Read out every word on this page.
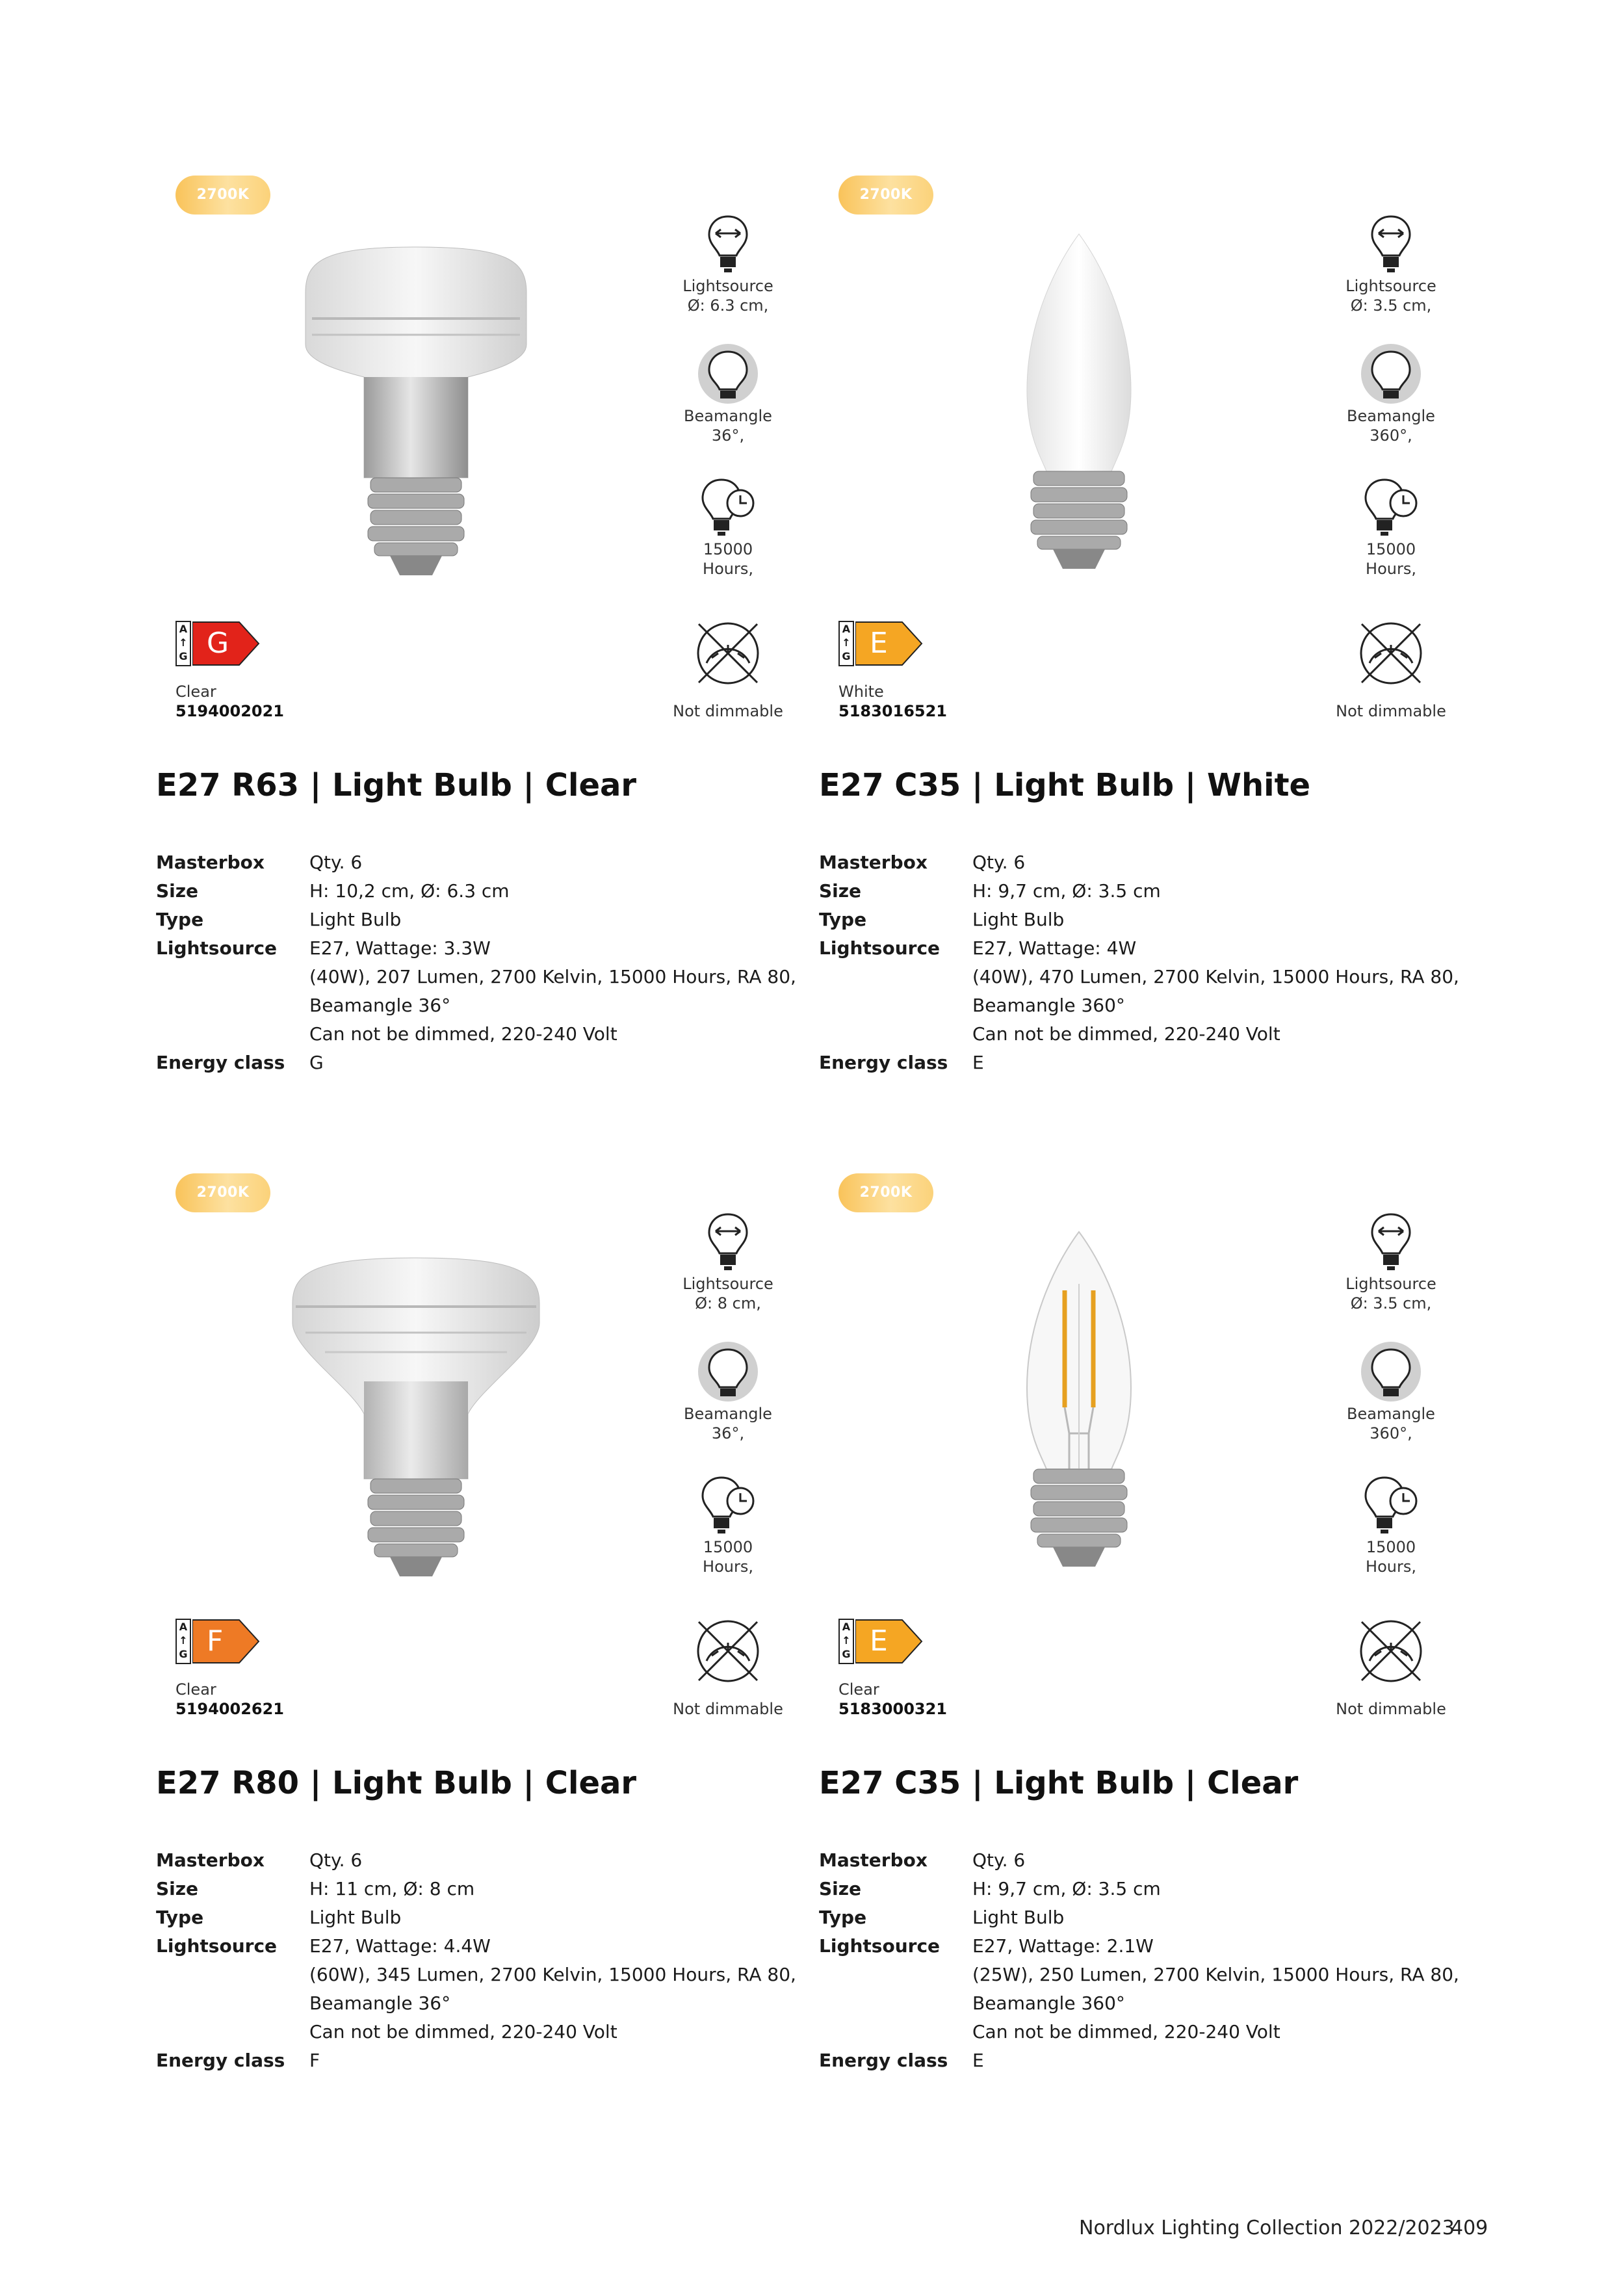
2700K
Lightsource
Ø: 6.3 cm,
Beamangle
36°,
15000
Hours,
A
↑
G G
Clear
5194002021	Not dimmable
E27 R63 | Light Bulb | Clear
Masterbox	Qty. 6
Size	H: 10,2 cm, Ø: 6.3 cm
Type	Light Bulb
Lightsource	E27, Wattage: 3.3W
(40W), 207 Lumen, 2700 Kelvin, 15000 Hours, RA 80,
Beamangle 36°
Can not be dimmed, 220-240 Volt
Energy class	G
2700K
Lightsource
Ø: 3.5 cm,
Beamangle
360°,
15000
Hours,
A
↑
G E
White
5183016521	Not dimmable
E27 C35 | Light Bulb | White
Masterbox	Qty. 6
Size	H: 9,7 cm, Ø: 3.5 cm
Type	Light Bulb
Lightsource	E27, Wattage: 4W
(40W), 470 Lumen, 2700 Kelvin, 15000 Hours, RA 80,
Beamangle 360°
Can not be dimmed, 220-240 Volt
Energy class	E
2700K
Lightsource
Ø: 8 cm,
Beamangle
36°,
15000
Hours,
A
↑
G F
Clear
5194002621	Not dimmable
E27 R80 | Light Bulb | Clear
Masterbox	Qty. 6
Size	H: 11 cm, Ø: 8 cm
Type	Light Bulb
Lightsource	E27, Wattage: 4.4W
(60W), 345 Lumen, 2700 Kelvin, 15000 Hours, RA 80,
Beamangle 36°
Can not be dimmed, 220-240 Volt
Energy class	F
2700K
Lightsource
Ø: 3.5 cm,
Beamangle
360°,
15000
Hours,
A
↑
G E
Clear
5183000321	Not dimmable
E27 C35 | Light Bulb | Clear
Masterbox	Qty. 6
Size	H: 9,7 cm, Ø: 3.5 cm
Type	Light Bulb
Lightsource	E27, Wattage: 2.1W
(25W), 250 Lumen, 2700 Kelvin, 15000 Hours, RA 80,
Beamangle 360°
Can not be dimmed, 220-240 Volt
Energy class	E
Nordlux Lighting Collection 2022/2023
409
